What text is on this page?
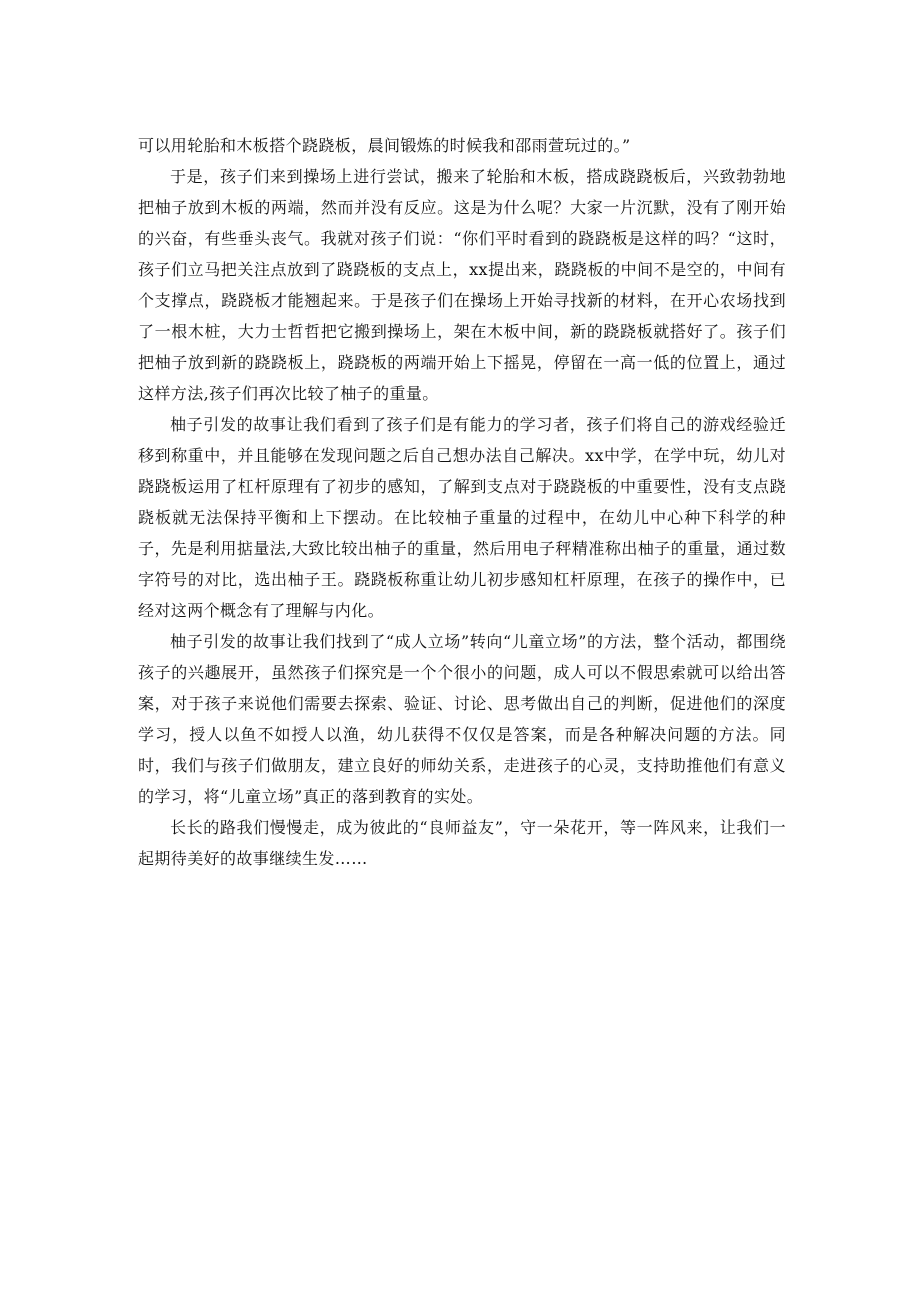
可以用轮胎和木板搭个跷跷板，晨间锻炼的时候我和邵雨萱玩过的。”

于是，孩子们来到操场上进行尝试，搬来了轮胎和木板，搭成跷跷板后，兴致勃勃地把柚子放到木板的两端，然而并没有反应。这是为什么呢？大家一片沉默，没有了刚开始的兴奋，有些垂头丧气。我就对孩子们说：“你们平时看到的跷跷板是这样的吗？“这时，孩子们立马把关注点放到了跷跷板的支点上，xx提出来，跷跷板的中间不是空的，中间有个支撑点，跷跷板才能翘起来。于是孩子们在操场上开始寻找新的材料，在开心农场找到了一根木桩，大力士哲哲把它搬到操场上，架在木板中间，新的跷跷板就搭好了。孩子们把柚子放到新的跷跷板上，跷跷板的两端开始上下摇晃，停留在一高一低的位置上，通过这样方法,孩子们再次比较了柚子的重量。

柚子引发的故事让我们看到了孩子们是有能力的学习者，孩子们将自己的游戏经验迁移到称重中，并且能够在发现问题之后自己想办法自己解决。xx中学，在学中玩，幼儿对跷跷板运用了杠杆原理有了初步的感知，了解到支点对于跷跷板的中重要性，没有支点跷跷板就无法保持平衡和上下摆动。在比较柚子重量的过程中，在幼儿中心种下科学的种子，先是利用掂量法,大致比较出柚子的重量，然后用电子秤精准称出柚子的重量，通过数字符号的对比，选出柚子王。跷跷板称重让幼儿初步感知杠杆原理，在孩子的操作中，已经对这两个概念有了理解与内化。

柚子引发的故事让我们找到了“成人立场”转向“儿童立场”的方法，整个活动，都围绕孩子的兴趣展开，虽然孩子们探究是一个个很小的问题，成人可以不假思索就可以给出答案，对于孩子来说他们需要去探索、验证、讨论、思考做出自己的判断，促进他们的深度学习，授人以鱼不如授人以渔，幼儿获得不仅仅是答案，而是各种解决问题的方法。同时，我们与孩子们做朋友，建立良好的师幼关系，走进孩子的心灵，支持助推他们有意义的学习，将“儿童立场”真正的落到教育的实处。

长长的路我们慢慢走，成为彼此的“良师益友”，守一朵花开，等一阵风来，让我们一起期待美好的故事继续生发……
